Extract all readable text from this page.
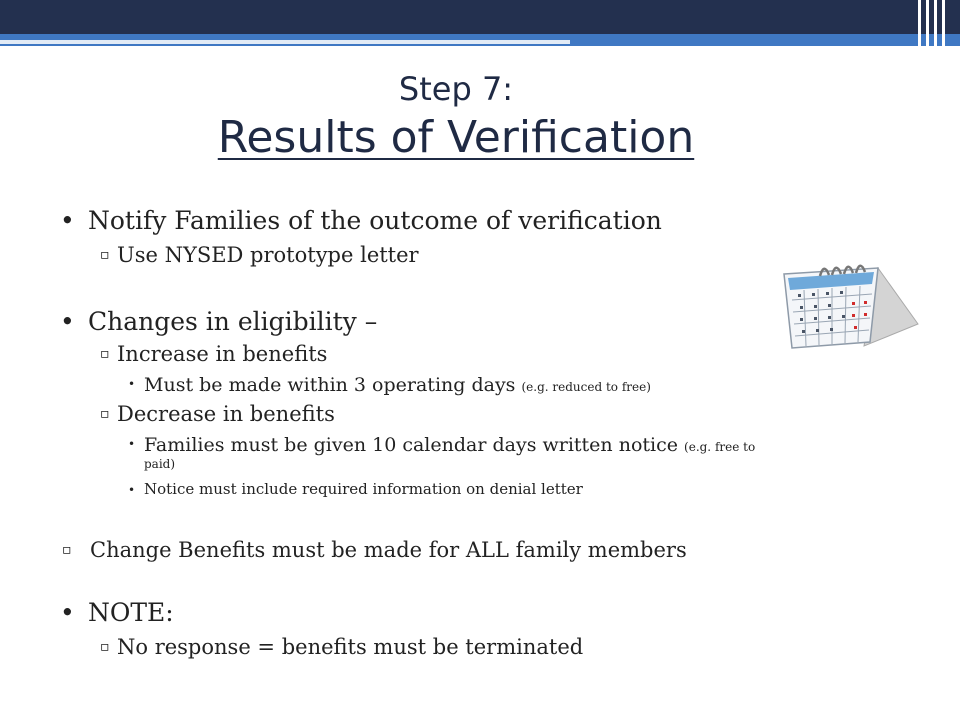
Step 7:
Results of Verification
• Notify Families of the outcome of verification
▫ Use NYSED prototype letter
• Changes in eligibility –
▫ Increase in benefits
• Must be made within 3 operating days (e.g. reduced to free)
▫ Decrease in benefits
• Families must be given 10 calendar days written notice (e.g. free to
paid)
• Notice must include required information on denial letter
▫ Change Benefits must be made for ALL family members
• NOTE:
▫ No response = benefits must be terminated
